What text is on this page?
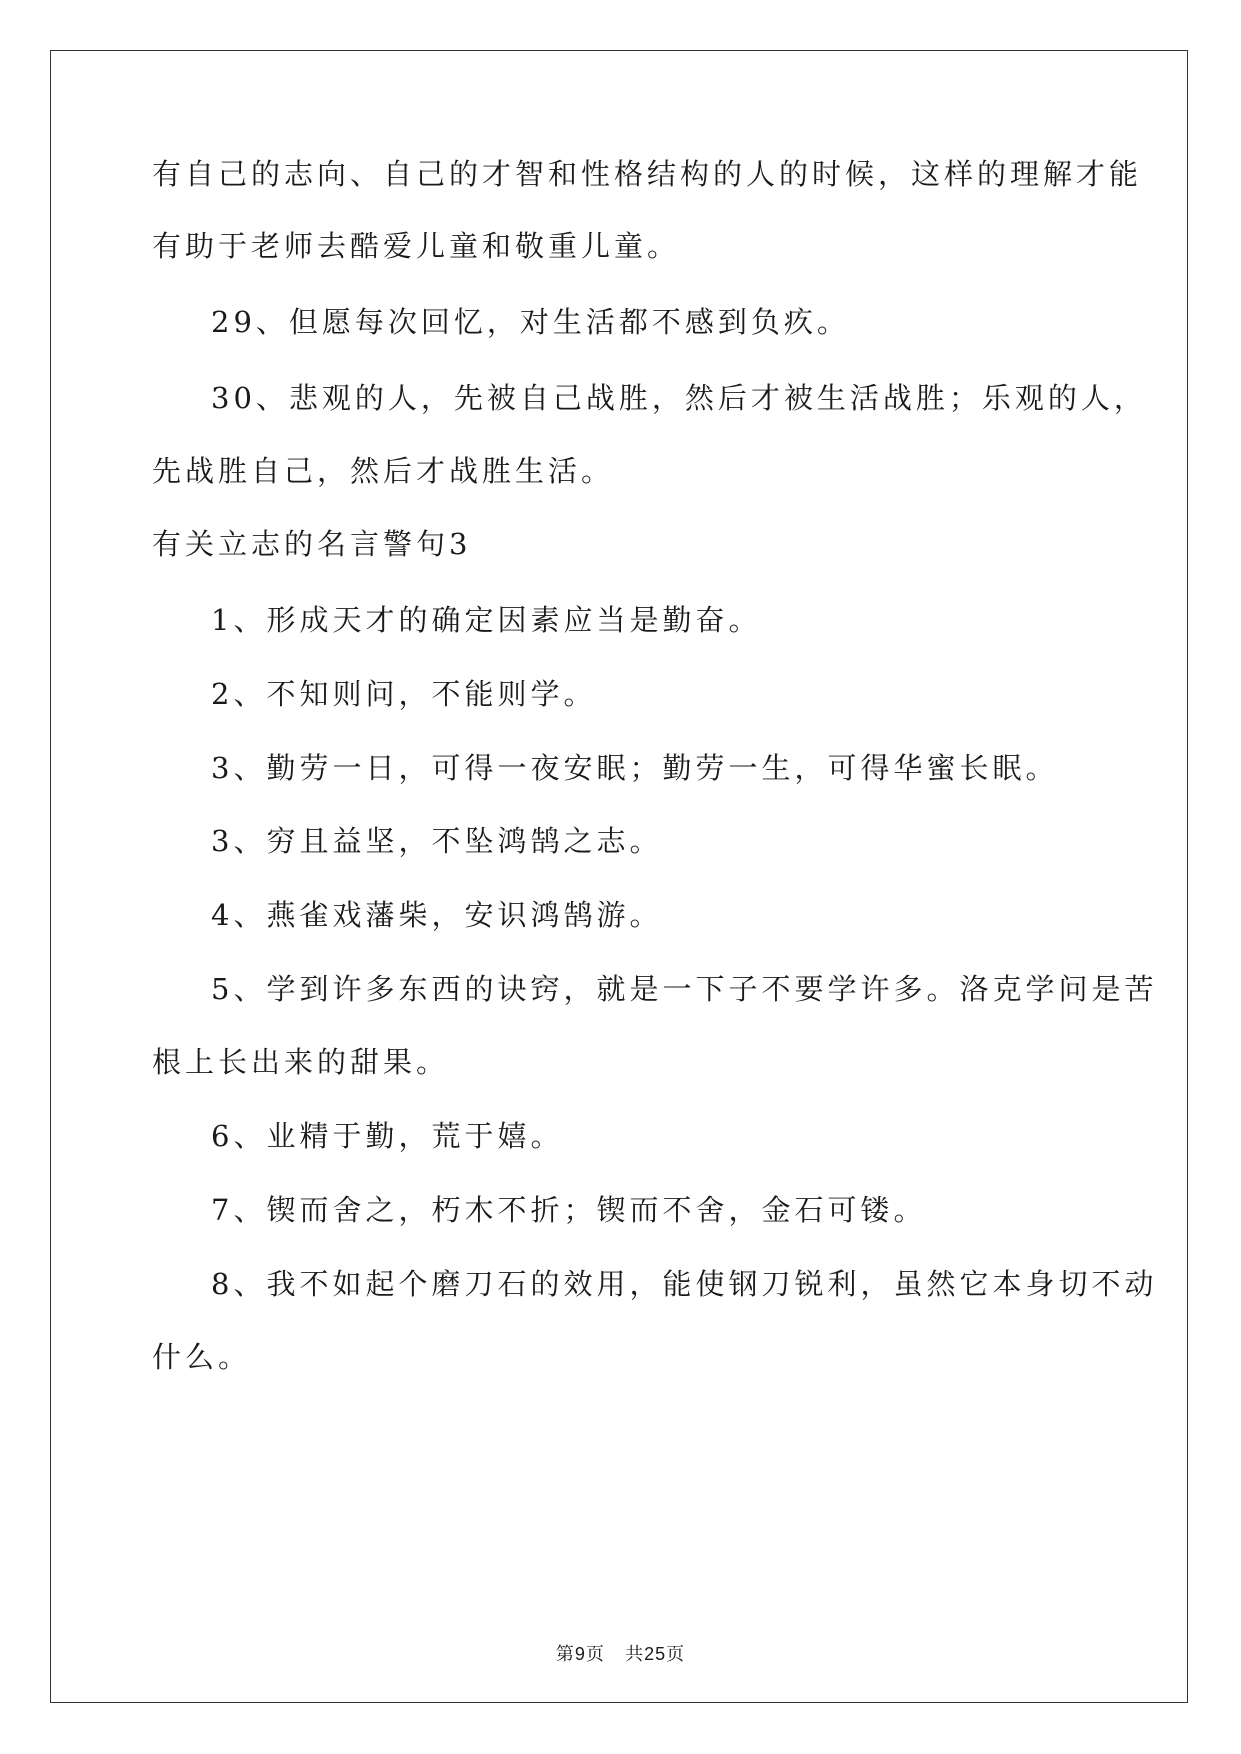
有自己的志向、自己的才智和性格结构的人的时候，这样的理解才能
有助于老师去酷爱儿童和敬重儿童。
29、但愿每次回忆，对生活都不感到负疚。
30、悲观的人，先被自己战胜，然后才被生活战胜；乐观的人，
先战胜自己，然后才战胜生活。
有关立志的名言警句3
1、形成天才的确定因素应当是勤奋。
2、不知则问，不能则学。
3、勤劳一日，可得一夜安眠；勤劳一生，可得华蜜长眠。
3、穷且益坚，不坠鸿鹄之志。
4、燕雀戏藩柴，安识鸿鹄游。
5、学到许多东西的诀窍，就是一下子不要学许多。洛克学问是苦
根上长出来的甜果。
6、业精于勤，荒于嬉。
7、锲而舍之，朽木不折；锲而不舍，金石可镂。
8、我不如起个磨刀石的效用，能使钢刀锐利，虽然它本身切不动
什么。
第9页 共25页
